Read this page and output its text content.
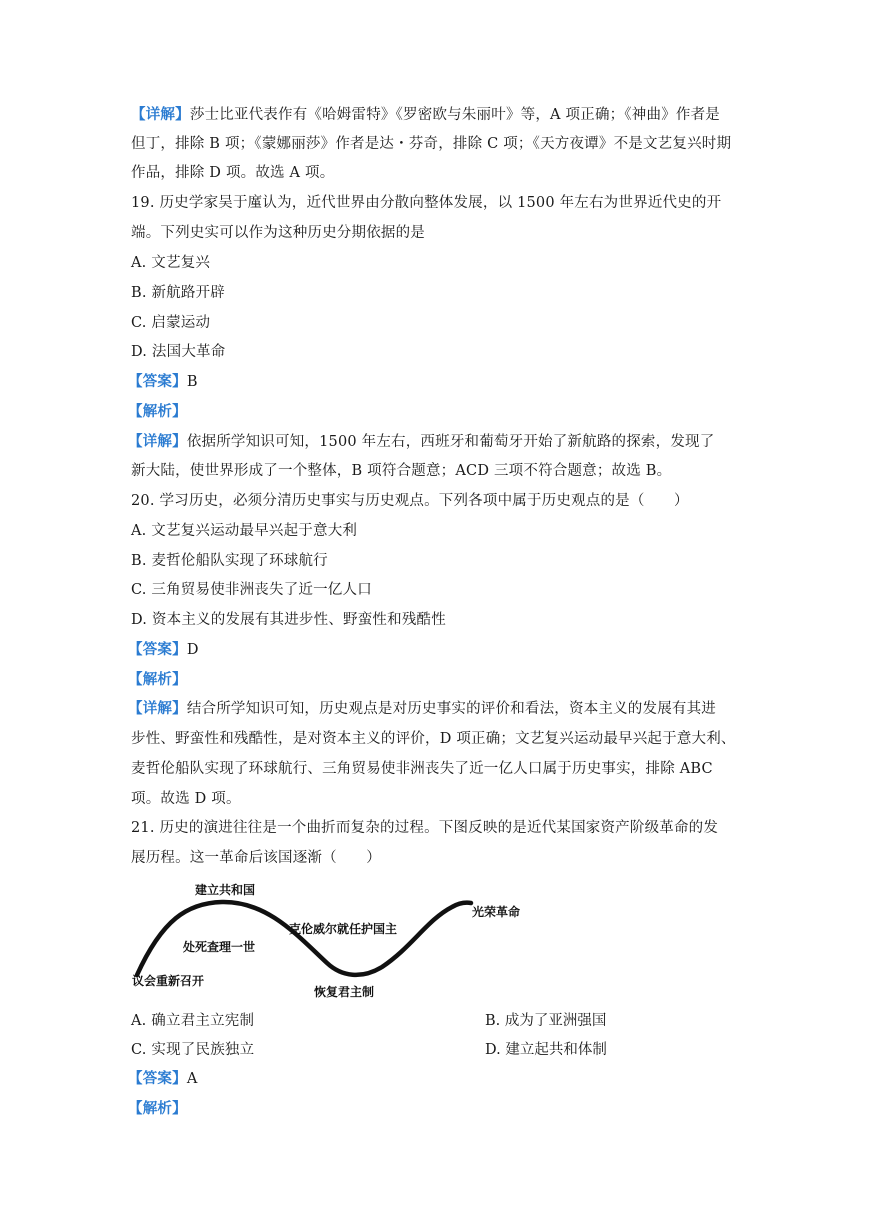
【详解】莎士比亚代表作有《哈姆雷特》《罗密欧与朱丽叶》等，A 项正确；《神曲》作者是
但丁，排除 B 项；《蒙娜丽莎》作者是达・芬奇，排除 C 项；《天方夜谭》不是文艺复兴时期
作品，排除 D 项。故选 A 项。
19. 历史学家吴于廑认为，近代世界由分散向整体发展，以 1500 年左右为世界近代史的开
端。下列史实可以作为这种历史分期依据的是
A. 文艺复兴
B. 新航路开辟
C. 启蒙运动
D. 法国大革命
【答案】B
【解析】
【详解】依据所学知识可知，1500 年左右，西班牙和葡萄牙开始了新航路的探索，发现了
新大陆，使世界形成了一个整体，B 项符合题意；ACD 三项不符合题意；故选 B。
20. 学习历史，必须分清历史事实与历史观点。下列各项中属于历史观点的是（　　）
A. 文艺复兴运动最早兴起于意大利
B. 麦哲伦船队实现了环球航行
C. 三角贸易使非洲丧失了近一亿人口
D. 资本主义的发展有其进步性、野蛮性和残酷性
【答案】D
【解析】
【详解】结合所学知识可知，历史观点是对历史事实的评价和看法，资本主义的发展有其进
步性、野蛮性和残酷性，是对资本主义的评价，D 项正确；文艺复兴运动最早兴起于意大利、
麦哲伦船队实现了环球航行、三角贸易使非洲丧失了近一亿人口属于历史事实，排除 ABC
项。故选 D 项。
21. 历史的演进往往是一个曲折而复杂的过程。下图反映的是近代某国家资产阶级革命的发
展历程。这一革命后该国逐渐（　　）
建立共和国
处死查理一世
克伦威尔就任护国主
光荣革命
议会重新召开
恢复君主制
A. 确立君主立宪制	B. 成为了亚洲强国
C. 实现了民族独立	D. 建立起共和体制
【答案】A
【解析】
